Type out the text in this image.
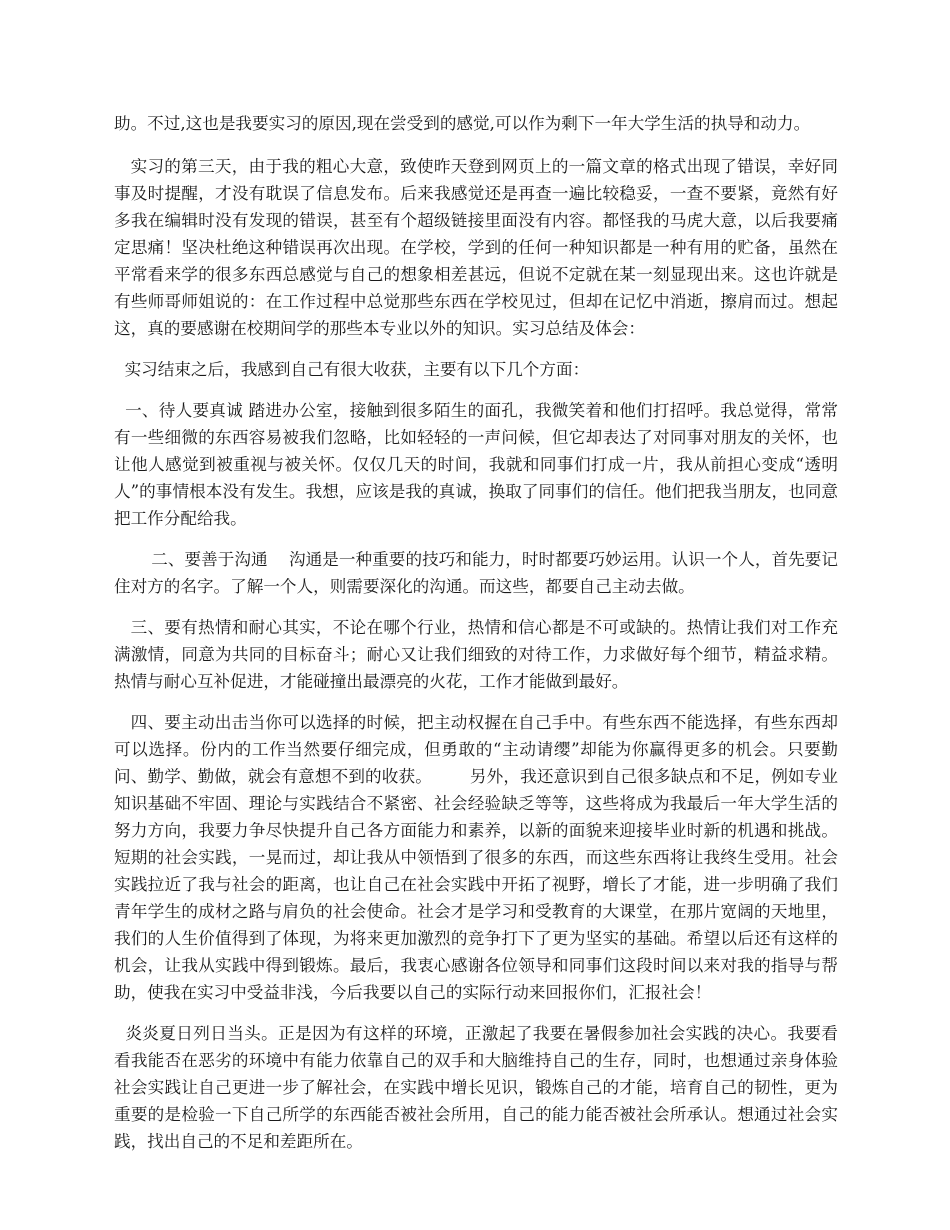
助。不过,这也是我要实习的原因,现在尝受到的感觉,可以作为剩下一年大学生活的执导和动力。

实习的第三天，由于我的粗心大意，致使昨天登到网页上的一篇文章的格式出现了错误，幸好同事及时提醒，才没有耽误了信息发布。后来我感觉还是再查一遍比较稳妥，一查不要紧，竟然有好多我在编辑时没有发现的错误，甚至有个超级链接里面没有内容。都怪我的马虎大意，以后我要痛定思痛！坚决杜绝这种错误再次出现。在学校，学到的任何一种知识都是一种有用的贮备，虽然在平常看来学的很多东西总感觉与自己的想象相差甚远，但说不定就在某一刻显现出来。这也许就是有些师哥师姐说的：在工作过程中总觉那些东西在学校见过，但却在记忆中消逝，擦肩而过。想起这，真的要感谢在校期间学的那些本专业以外的知识。实习总结及体会：

实习结束之后，我感到自己有很大收获，主要有以下几个方面：

一、待人要真诚 踏进办公室，接触到很多陌生的面孔，我微笑着和他们打招呼。我总觉得，常常有一些细微的东西容易被我们忽略，比如轻轻的一声问候，但它却表达了对同事对朋友的关怀，也让他人感觉到被重视与被关怀。仅仅几天的时间，我就和同事们打成一片，我从前担心变成“透明人”的事情根本没有发生。我想，应该是我的真诚，换取了同事们的信任。他们把我当朋友，也同意把工作分配给我。

二、要善于沟通    沟通是一种重要的技巧和能力，时时都要巧妙运用。认识一个人，首先要记住对方的名字。了解一个人，则需要深化的沟通。而这些，都要自己主动去做。

三、要有热情和耐心其实，不论在哪个行业，热情和信心都是不可或缺的。热情让我们对工作充满激情，同意为共同的目标奋斗；耐心又让我们细致的对待工作，力求做好每个细节，精益求精。热情与耐心互补促进，才能碰撞出最漂亮的火花，工作才能做到最好。

四、要主动出击当你可以选择的时候，把主动权握在自己手中。有些东西不能选择，有些东西却可以选择。份内的工作当然要仔细完成，但勇敢的“主动请缨”却能为你赢得更多的机会。只要勤问、勤学、勤做，就会有意想不到的收获。       另外，我还意识到自己很多缺点和不足，例如专业知识基础不牢固、理论与实践结合不紧密、社会经验缺乏等等，这些将成为我最后一年大学生活的努力方向，我要力争尽快提升自己各方面能力和素养，以新的面貌来迎接毕业时新的机遇和挑战。短期的社会实践，一晃而过，却让我从中领悟到了很多的东西，而这些东西将让我终生受用。社会实践拉近了我与社会的距离，也让自己在社会实践中开拓了视野，增长了才能，进一步明确了我们青年学生的成材之路与肩负的社会使命。社会才是学习和受教育的大课堂，在那片宽阔的天地里，我们的人生价值得到了体现，为将来更加激烈的竞争打下了更为坚实的基础。希望以后还有这样的机会，让我从实践中得到锻炼。最后，我衷心感谢各位领导和同事们这段时间以来对我的指导与帮助，使我在实习中受益非浅，今后我要以自己的实际行动来回报你们，汇报社会！

炎炎夏日列日当头。正是因为有这样的环境，正激起了我要在暑假参加社会实践的决心。我要看看我能否在恶劣的环境中有能力依靠自己的双手和大脑维持自己的生存，同时，也想通过亲身体验社会实践让自己更进一步了解社会，在实践中增长见识，锻炼自己的才能，培育自己的韧性，更为重要的是检验一下自己所学的东西能否被社会所用，自己的能力能否被社会所承认。想通过社会实践，找出自己的不足和差距所在。
